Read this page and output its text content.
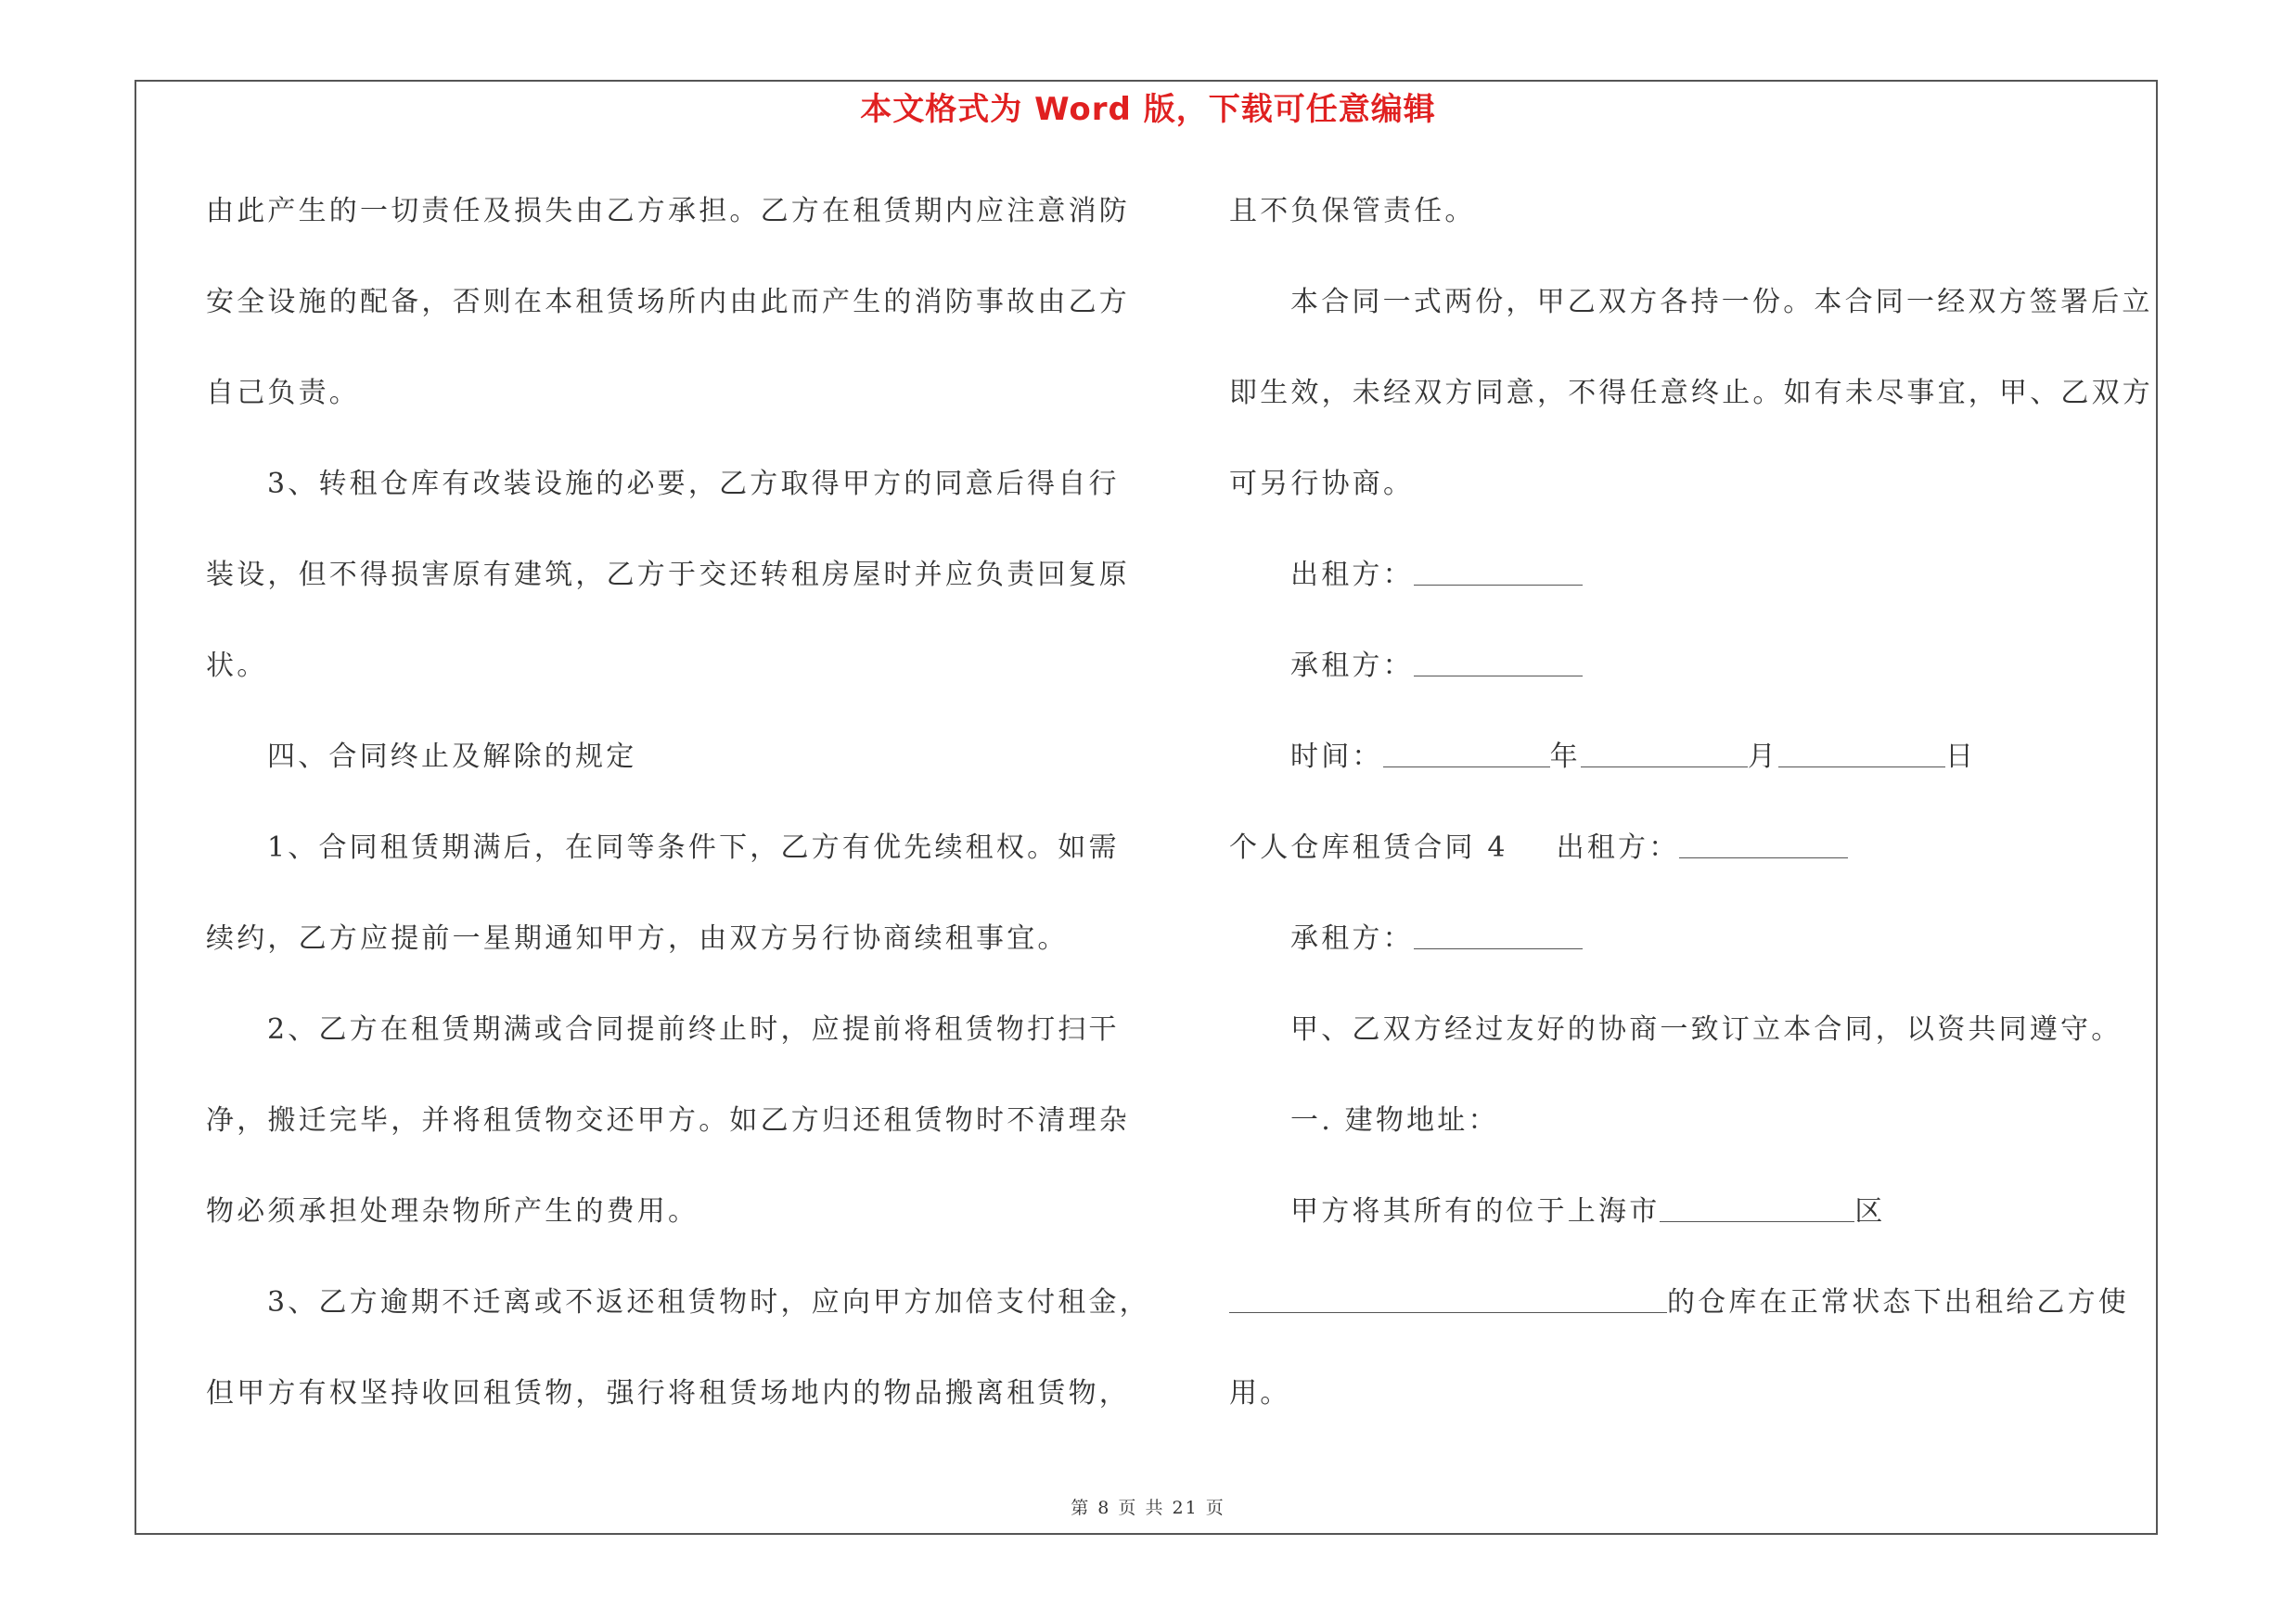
本文格式为 Word 版，下载可任意编辑
由此产生的一切责任及损失由乙方承担。乙方在租赁期内应注意消防
安全设施的配备，否则在本租赁场所内由此而产生的消防事故由乙方
自己负责。
3、转租仓库有改装设施的必要，乙方取得甲方的同意后得自行
装设，但不得损害原有建筑，乙方于交还转租房屋时并应负责回复原
状。
四、合同终止及解除的规定
1、合同租赁期满后，在同等条件下，乙方有优先续租权。如需
续约，乙方应提前一星期通知甲方，由双方另行协商续租事宜。
2、乙方在租赁期满或合同提前终止时，应提前将租赁物打扫干
净，搬迁完毕，并将租赁物交还甲方。如乙方归还租赁物时不清理杂
物必须承担处理杂物所产生的费用。
3、乙方逾期不迁离或不返还租赁物时，应向甲方加倍支付租金，
但甲方有权坚持收回租赁物，强行将租赁场地内的物品搬离租赁物，
且不负保管责任。
本合同一式两份，甲乙双方各持一份。本合同一经双方签署后立
即生效，未经双方同意，不得任意终止。如有未尽事宜，甲、乙双方
可另行协商。
出租方：
承租方：
时间：	年	月	日
个人仓库租赁合同 4 出租方：
承租方：
甲、乙双方经过友好的协商一致订立本合同，以资共同遵守。
一. 建物地址：
甲方将其所有的位于上海市	区
的仓库在正常状态下出租给乙方使
用。
第 8 页 共 21 页
